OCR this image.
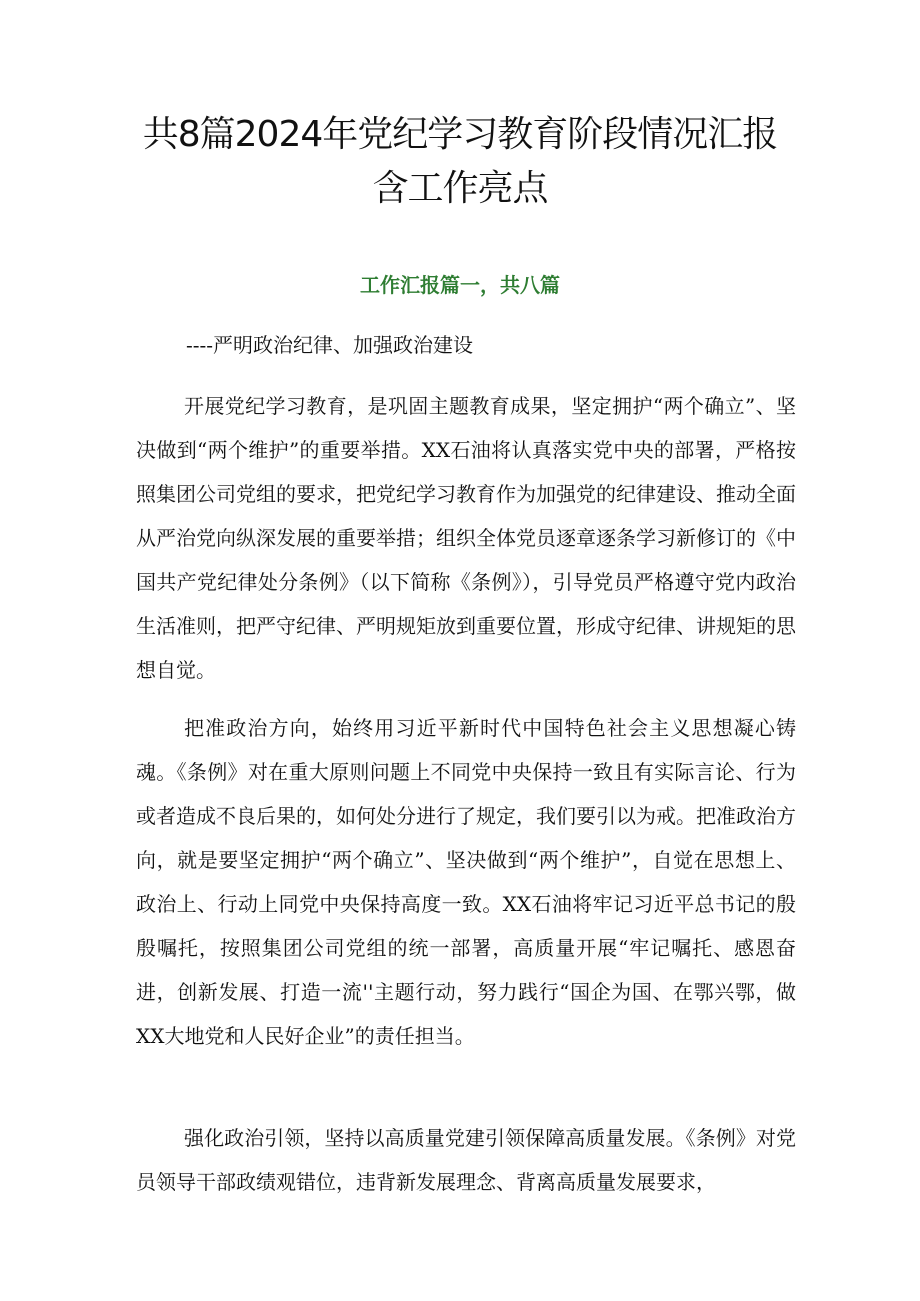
共8篇2024年党纪学习教育阶段情况汇报
含工作亮点
工作汇报篇一，共八篇

----严明政治纪律、加强政治建设

开展党纪学习教育，是巩固主题教育成果，坚定拥护“两个确立”、坚决做到“两个维护”的重要举措。XX石油将认真落实党中央的部署，严格按照集团公司党组的要求，把党纪学习教育作为加强党的纪律建设、推动全面从严治党向纵深发展的重要举措；组织全体党员逐章逐条学习新修订的《中国共产党纪律处分条例》（以下简称《条例》），引导党员严格遵守党内政治生活准则，把严守纪律、严明规矩放到重要位置，形成守纪律、讲规矩的思想自觉。

把准政治方向，始终用习近平新时代中国特色社会主义思想凝心铸魂。《条例》对在重大原则问题上不同党中央保持一致且有实际言论、行为或者造成不良后果的，如何处分进行了规定，我们要引以为戒。把准政治方向，就是要坚定拥护“两个确立”、坚决做到“两个维护”，自觉在思想上、政治上、行动上同党中央保持高度一致。XX石油将牢记习近平总书记的殷殷嘱托，按照集团公司党组的统一部署，高质量开展“牢记嘱托、感恩奋进，创新发展、打造一流''主题行动，努力践行“国企为国、在鄂兴鄂，做XX大地党和人民好企业”的责任担当。

强化政治引领，坚持以高质量党建引领保障高质量发展。《条例》对党员领导干部政绩观错位，违背新发展理念、背离高质量发展要求，
